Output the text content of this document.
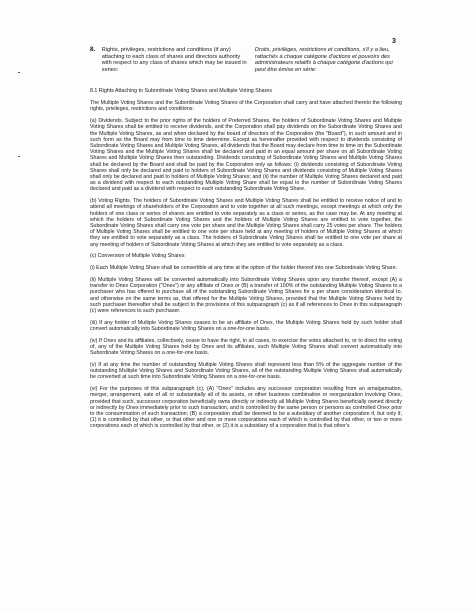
3
8.	Rights, privileges, restrictions and conditions (if any) attaching to each class of shares and directors authority with respect to any class of shares which may be issued in series:
Droits, privilèges, restrictions et conditions, s'il y a lieu, rattachés à chaque catégorie d'actions et pouvoirs des administrateurs relatifs à chaque catégorie d'actions qui peut être émise en série:

8.1 Rights Attaching to Subordinate Voting Shares and Multiple Voting Shares

The Multiple Voting Shares and the Subordinate Voting Shares of the Corporation shall carry and have attached thereto the following rights, privileges, restrictions and conditions:

(a) Dividends. Subject to the prior rights of the holders of Preferred Shares, the holders of Subordinate Voting Shares and Multiple Voting Shares shall be entitled to receive dividends, and the Corporation shall pay dividends on the Subordinate Voting Shares and the Multiple Voting Shares, as and when declared by the board of directors of the Corporation (the "Board"), in such amount and in such form as the Board may from time to time determine. Except as hereinafter provided with respect to dividends consisting of Subordinate Voting Shares and Multiple Voting Shares, all dividends that the Board may declare from time to time on the Subordinate Voting Shares and the Multiple Voting Shares shall be declared and paid in an equal amount per share on all Subordinate Voting Shares and Multiple Voting Shares then outstanding. Dividends consisting of Subordinate Voting Shares and Multiple Voting Shares shall be declared by the Board and shall be paid by the Corporation only as follows: (i) dividends consisting of Subordinate Voting Shares shall only be declared and paid to holders of Subordinate Voting Shares and dividends consisting of Multiple Voting Shares shall only be declared and paid to holders of Multiple Voting Shares; and (ii) the number of Multiple Voting Shares declared and paid as a dividend with respect to each outstanding Multiple Voting Share shall be equal to the number of Subordinate Voting Shares declared and paid as a dividend with respect to each outstanding Subordinate Voting Share.

(b) Voting Rights. The holders of Subordinate Voting Shares and Multiple Voting Shares shall be entitled to receive notice of and to attend all meetings of shareholders of the Corporation and to vote together at all such meetings, except meetings at which only the holders of one class or series of shares are entitled to vote separately as a class or series, as the case may be. At any meeting at which the holders of Subordinate Voting Shares and the holders of Multiple Voting Shares are entitled to vote together, the Subordinate Voting Shares shall carry one vote per share and the Multiple Voting Shares shall carry 25 votes per share. The holders of Multiple Voting Shares shall be entitled to one vote per share held at any meeting of holders of Multiple Voting Shares at which they are entitled to vote separately as a class. The holders of Subordinate Voting Shares shall be entitled to one vote per share at any meeting of holders of Subordinate Voting Shares at which they are entitled to vote separately as a class.

(c) Conversion of Multiple Voting Shares

(i) Each Multiple Voting Share shall be convertible at any time at the option of the holder thereof into one Subordinate Voting Share.

(ii) Multiple Voting Shares will be converted automatically into Subordinate Voting Shares upon any transfer thereof, except (A) a transfer to Onex Corporation ("Onex") or any affiliate of Onex or (B) a transfer of 100% of the outstanding Multiple Voting Shares to a purchaser who has offered to purchase all of the outstanding Subordinate Voting Shares for a per share consideration identical to, and otherwise on the same terms as, that offered for the Multiple Voting Shares, provided that the Multiple Voting Shares held by such purchaser thereafter shall be subject to the provisions of this subparagraph (c) as if all references to Onex in this subparagraph (c) were references to such purchaser.

(iii) If any holder of Multiple Voting Shares ceases to be an affiliate of Onex, the Multiple Voting Shares held by such holder shall convert automatically into Subordinate Voting Shares on a one-for-one basis.

(iv) If Onex and its affiliates, collectively, cease to have the right, in all cases, to exercise the votes attached to, or to direct the voting of, any of the Multiple Voting Shares held by Onex and its affiliates, such Multiple Voting Shares shall convert automatically into Subordinate Voting Shares on a one-for-one basis.

(v) If at any time the number of outstanding Multiple Voting Shares shall represent less than 5% of the aggregate number of the outstanding Multiple Voting Shares and Subordinate Voting Shares, all of the outstanding Multiple Voting Shares shall automatically be converted at such time into Subordinate Voting Shares on a one-for-one basis.

(vi) For the purposes of this subparagraph (c), (A) "Onex" includes any successor corporation resulting from an amalgamation, merger, arrangement, sale of all or substantially all of its assets, or other business combination or reorganization involving Onex, provided that such, successor corporation beneficially owns directly or indirectly all Multiple Voting Shares beneficially owned directly or indirectly by Onex immediately prior to such transaction, and is controlled by the same person or persons as controlled Onex prior to the consummation of such transaction; (B) a corporation shall be deemed to be a subsidiary of another corporation if, but only if, (1) it is controlled by that other, or that other and one or more corporations each of which is controlled by that other, or two or more corporations each of which is controlled by that other, or (2) it is a subsidiary of a corporation that is that other's
